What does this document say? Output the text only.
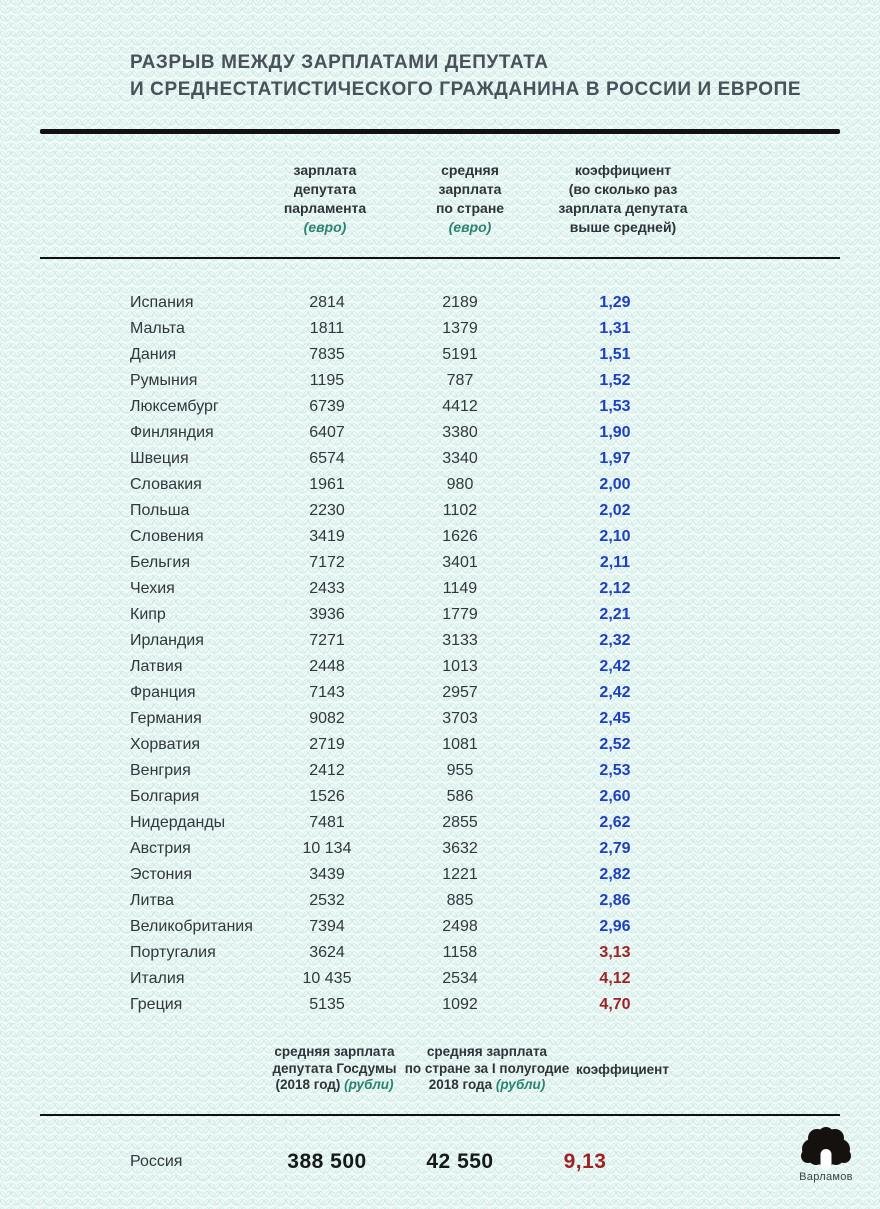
РАЗРЫВ МЕЖДУ ЗАРПЛАТАМИ ДЕПУТАТА
И СРЕДНЕСТАТИСТИЧЕСКОГО ГРАЖДАНИНА В РОССИИ И ЕВРОПЕ
зарплата
депутата
парламента
(евро)
средняя
зарплата
по стране
(евро)
коэффициент
(во сколько раз
зарплата депутата
выше средней)
Испания	2814	2189	1,29
Мальта	1811	1379	1,31
Дания	7835	5191	1,51
Румыния	1195	787	1,52
Люксембург	6739	4412	1,53
Финляндия	6407	3380	1,90
Швеция	6574	3340	1,97
Словакия	1961	980	2,00
Польша	2230	1102	2,02
Словения	3419	1626	2,10
Бельгия	7172	3401	2,11
Чехия	2433	1149	2,12
Кипр	3936	1779	2,21
Ирландия	7271	3133	2,32
Латвия	2448	1013	2,42
Франция	7143	2957	2,42
Германия	9082	3703	2,45
Хорватия	2719	1081	2,52
Венгрия	2412	955	2,53
Болгария	1526	586	2,60
Нидерданды	7481	2855	2,62
Австрия	10 134	3632	2,79
Эстония	3439	1221	2,82
Литва	2532	885	2,86
Великобритания	7394	2498	2,96
Португалия	3624	1158	3,13
Италия	10 435	2534	4,12
Греция	5135	1092	4,70
средняя зарплата
депутата Госдумы
(2018 год) (рубли)
средняя зарплата
по стране за I полугодие
2018 года (рубли)
коэффициент
Россия	388 500	42 550	9,13
Варламов
